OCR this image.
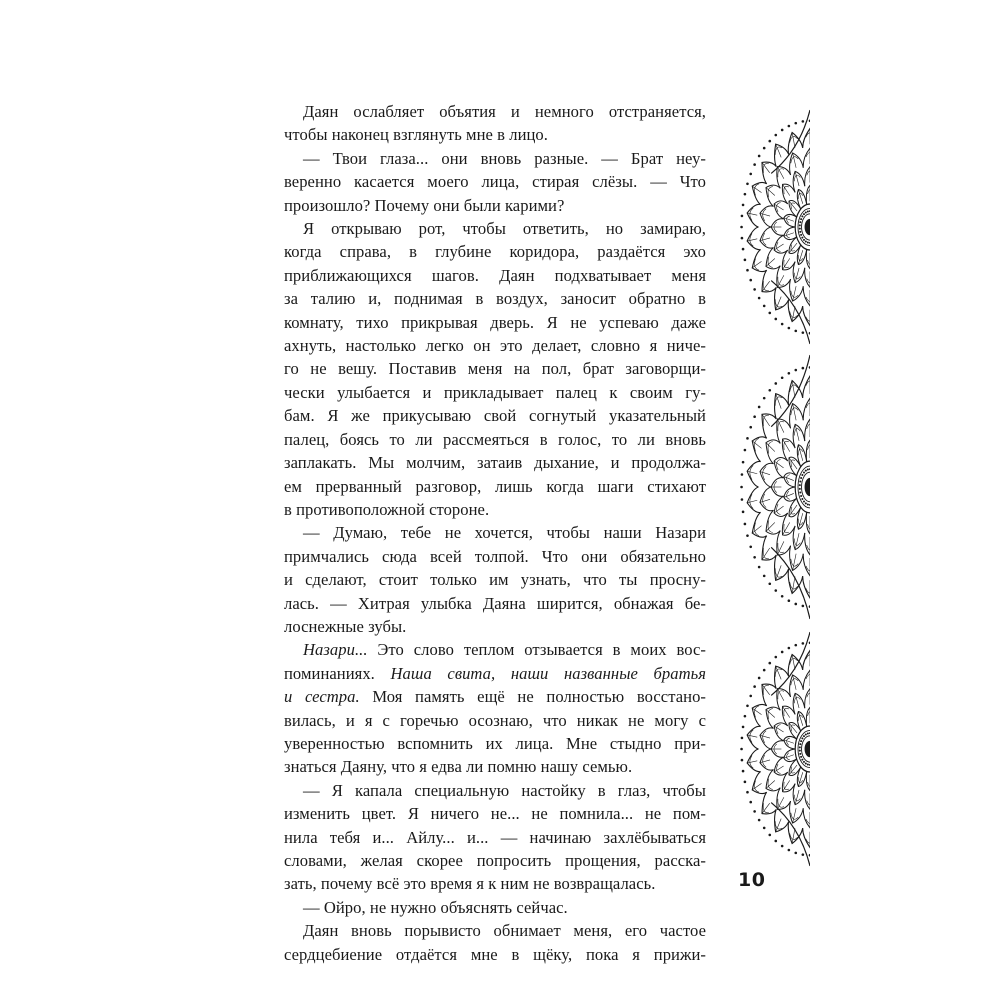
Даян ослабляет объятия и немного отстраняется,
чтобы наконец взглянуть мне в лицо.
— Твои глаза... они вновь разные. — Брат неу-
веренно касается моего лица, стирая слёзы. — Что
произошло? Почему они были карими?
Я открываю рот, чтобы ответить, но замираю,
когда справа, в глубине коридора, раздаётся эхо
приближающихся шагов. Даян подхватывает меня
за талию и, поднимая в воздух, заносит обратно в
комнату, тихо прикрывая дверь. Я не успеваю даже
ахнуть, настолько легко он это делает, словно я ниче-
го не вешу. Поставив меня на пол, брат заговорщи-
чески улыбается и прикладывает палец к своим гу-
бам. Я же прикусываю свой согнутый указательный
палец, боясь то ли рассмеяться в голос, то ли вновь
заплакать. Мы молчим, затаив дыхание, и продолжа-
ем прерванный разговор, лишь когда шаги стихают
в противоположной стороне.
— Думаю, тебе не хочется, чтобы наши Назари
примчались сюда всей толпой. Что они обязательно
и сделают, стоит только им узнать, что ты просну-
лась. — Хитрая улыбка Даяна ширится, обнажая бе-
лоснежные зубы.
Назари... Это слово теплом отзывается в моих вос-
поминаниях. Наша свита, наши названные братья
и сестра. Моя память ещё не полностью восстано-
вилась, и я с горечью осознаю, что никак не могу с
уверенностью вспомнить их лица. Мне стыдно при-
знаться Даяну, что я едва ли помню нашу семью.
— Я капала специальную настойку в глаз, чтобы
изменить цвет. Я ничего не... не помнила... не пом-
нила тебя и... Айлу... и... — начинаю захлёбываться
словами, желая скорее попросить прощения, расска-
зать, почему всё это время я к ним не возвращалась.
— Ойро, не нужно объяснять сейчас.
Даян вновь порывисто обнимает меня, его частое
сердцебиение отдаётся мне в щёку, пока я прижи-
10
